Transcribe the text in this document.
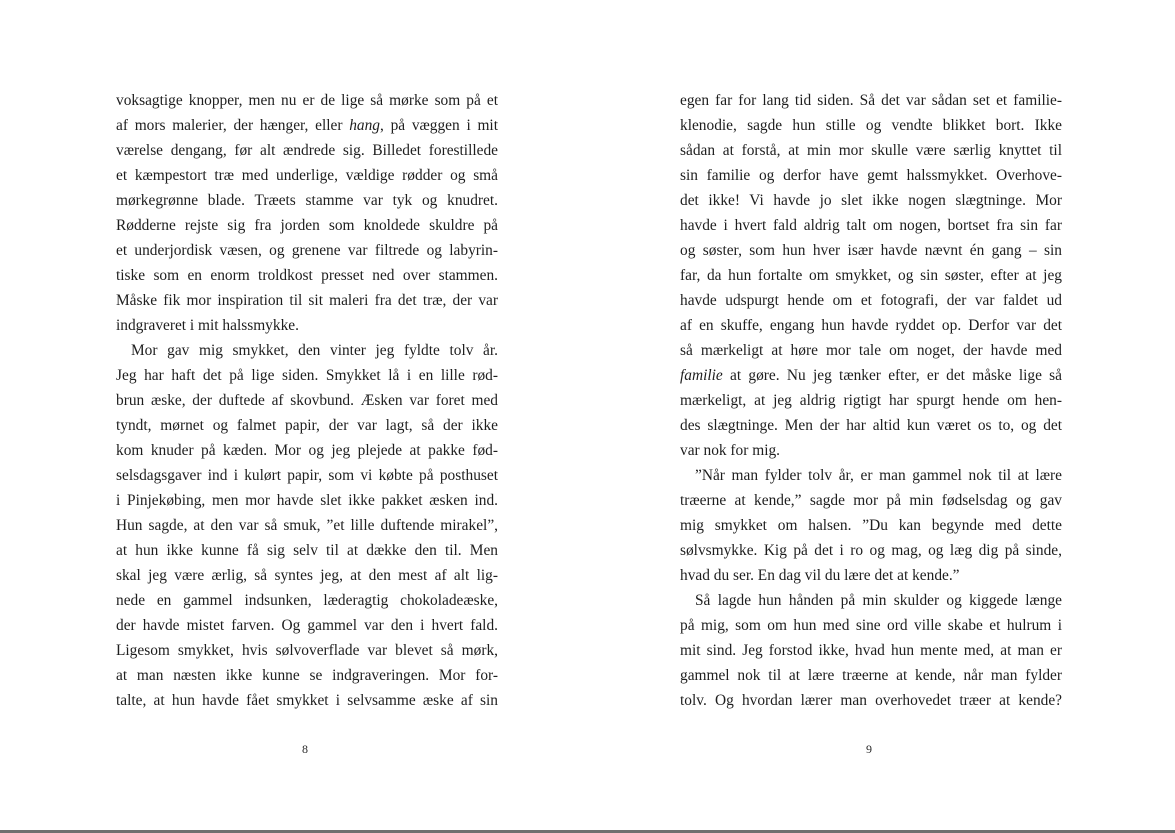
voksagtige knopper, men nu er de lige så mørke som på et
af mors malerier, der hænger, eller hang, på væggen i mit
værelse dengang, før alt ændrede sig. Billedet forestillede
et kæmpestort træ med underlige, vældige rødder og små
mørkegrønne blade. Træets stamme var tyk og knudret.
Rødderne rejste sig fra jorden som knoldede skuldre på
et underjordisk væsen, og grenene var filtrede og labyrin-
tiske som en enorm troldkost presset ned over stammen.
Måske fik mor inspiration til sit maleri fra det træ, der var
indgraveret i mit halssmykke.
Mor gav mig smykket, den vinter jeg fyldte tolv år.
Jeg har haft det på lige siden. Smykket lå i en lille rød-
brun æske, der duftede af skovbund. Æsken var foret med
tyndt, mørnet og falmet papir, der var lagt, så der ikke
kom knuder på kæden. Mor og jeg plejede at pakke fød-
selsdagsgaver ind i kulørt papir, som vi købte på posthuset
i Pinjekøbing, men mor havde slet ikke pakket æsken ind.
Hun sagde, at den var så smuk, ”et lille duftende mirakel”,
at hun ikke kunne få sig selv til at dække den til. Men
skal jeg være ærlig, så syntes jeg, at den mest af alt lig-
nede en gammel indsunken, læderagtig chokoladeæske,
der havde mistet farven. Og gammel var den i hvert fald.
Ligesom smykket, hvis sølvoverflade var blevet så mørk,
at man næsten ikke kunne se indgraveringen. Mor for-
talte, at hun havde fået smykket i selvsamme æske af sin
8
egen far for lang tid siden. Så det var sådan set et familie-
klenodie, sagde hun stille og vendte blikket bort. Ikke
sådan at forstå, at min mor skulle være særlig knyttet til
sin familie og derfor have gemt halssmykket. Overhove-
det ikke! Vi havde jo slet ikke nogen slægtninge. Mor
havde i hvert fald aldrig talt om nogen, bortset fra sin far
og søster, som hun hver især havde nævnt én gang – sin
far, da hun fortalte om smykket, og sin søster, efter at jeg
havde udspurgt hende om et fotografi, der var faldet ud
af en skuffe, engang hun havde ryddet op. Derfor var det
så mærkeligt at høre mor tale om noget, der havde med
familie at gøre. Nu jeg tænker efter, er det måske lige så
mærkeligt, at jeg aldrig rigtigt har spurgt hende om hen-
des slægtninge. Men der har altid kun været os to, og det
var nok for mig.
”Når man fylder tolv år, er man gammel nok til at lære
træerne at kende,” sagde mor på min fødselsdag og gav
mig smykket om halsen. ”Du kan begynde med dette
sølvsmykke. Kig på det i ro og mag, og læg dig på sinde,
hvad du ser. En dag vil du lære det at kende.”
Så lagde hun hånden på min skulder og kiggede længe
på mig, som om hun med sine ord ville skabe et hulrum i
mit sind. Jeg forstod ikke, hvad hun mente med, at man er
gammel nok til at lære træerne at kende, når man fylder
tolv. Og hvordan lærer man overhovedet træer at kende?
9
